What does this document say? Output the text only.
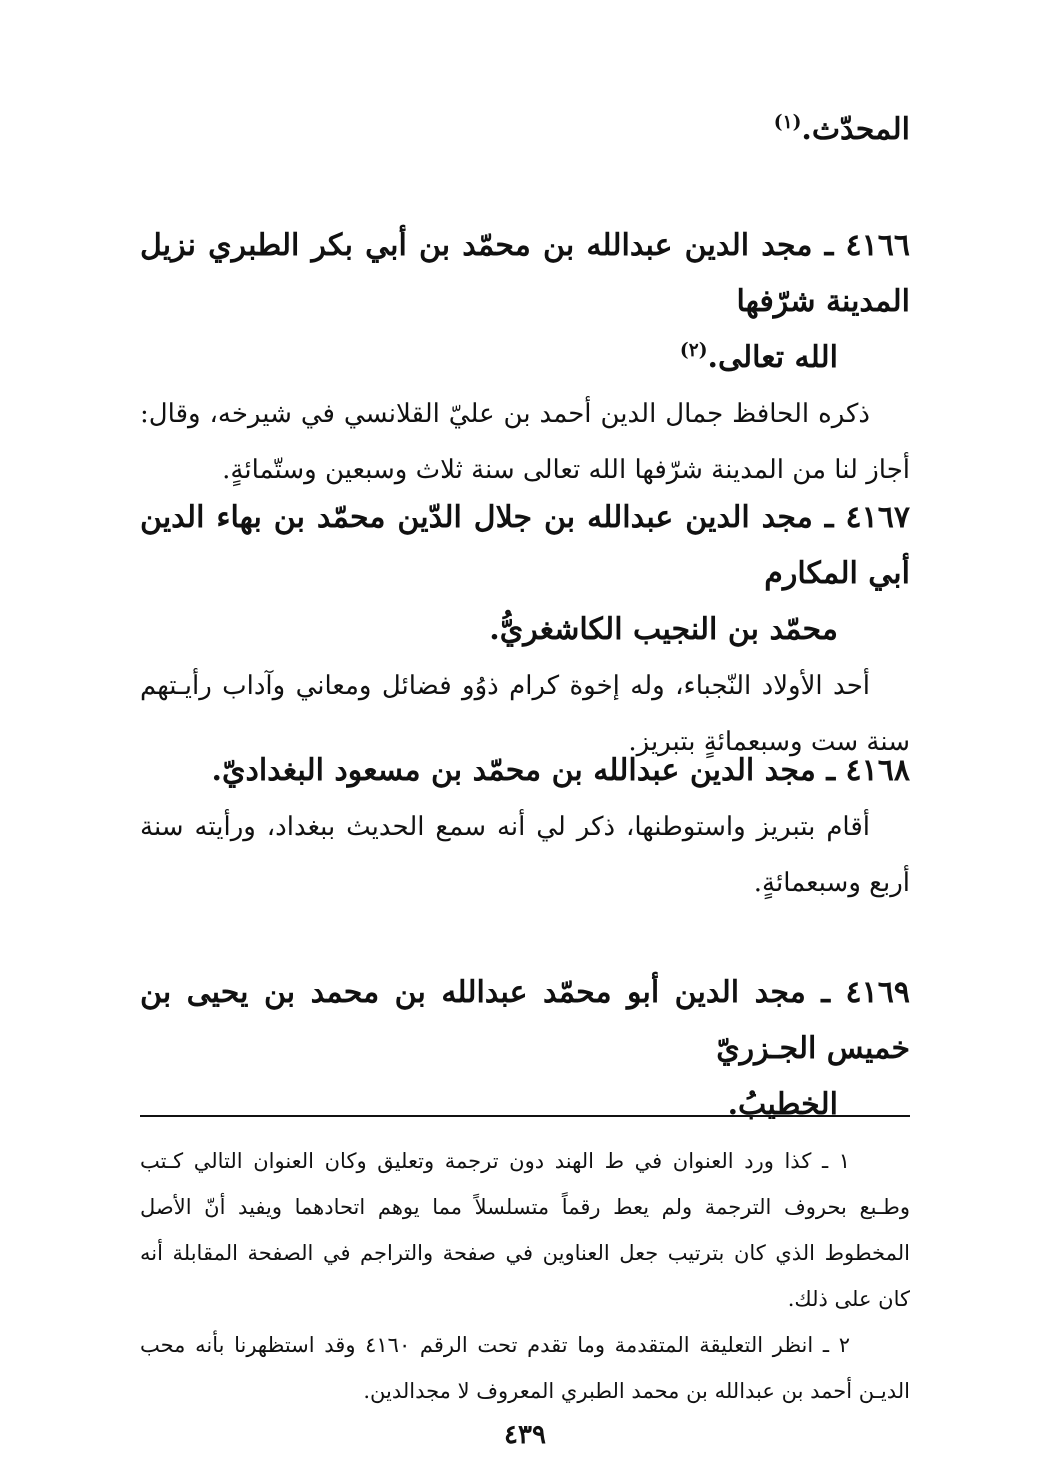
المحدّث.$^{(١)}$
٤١٦٦ ـ مجد الدين عبدالله بن محمّد بن أبي بكر الطبري نزيل المدينة شرّفها
الله تعالى.$^{(٢)}$
ذكره الحافظ جمال الدين أحمد بن عليّ القلانسي في شيرخه، وقال: أجاز لنا من المدينة شرّفها الله تعالى سنة ثلاث وسبعين وستّمائةٍ.
٤١٦٧ ـ مجد الدين عبدالله بن جلال الدّين محمّد بن بهاء الدين أبي المكارم
محمّد بن النجيب الكاشغريُّ.
أحد الأولاد النّجباء، وله إخوة كرام ذوُو فضائل ومعاني وآداب رأيـتهم سنة ست وسبعمائةٍ بتبريز.
٤١٦٨ ـ مجد الدين عبدالله بن محمّد بن مسعود البغداديّ.
أقام بتبريز واستوطنها، ذكر لي أنه سمع الحديث ببغداد، ورأيته سنة أربع وسبعمائةٍ.
٤١٦٩ ـ مجد الدين أبو محمّد عبدالله بن محمد بن يحيى بن خميس الجـزريّ
الخطيبُ.
١ ـ كذا ورد العنوان في ط الهند دون ترجمة وتعليق وكان العنوان التالي كـتب وطـبع بحروف الترجمة ولم يعط رقماً متسلسلاً مما يوهم اتحادهما ويفيد أنّ الأصل المخطوط الذي كان بترتيب جعل العناوين في صفحة والتراجم في الصفحة المقابلة أنه كان على ذلك.
٢ ـ انظر التعليقة المتقدمة وما تقدم تحت الرقم ٤١٦٠ وقد استظهرنا بأنه محب الديـن أحمد بن عبدالله بن محمد الطبري المعروف لا مجدالدين.
٤٣٩
